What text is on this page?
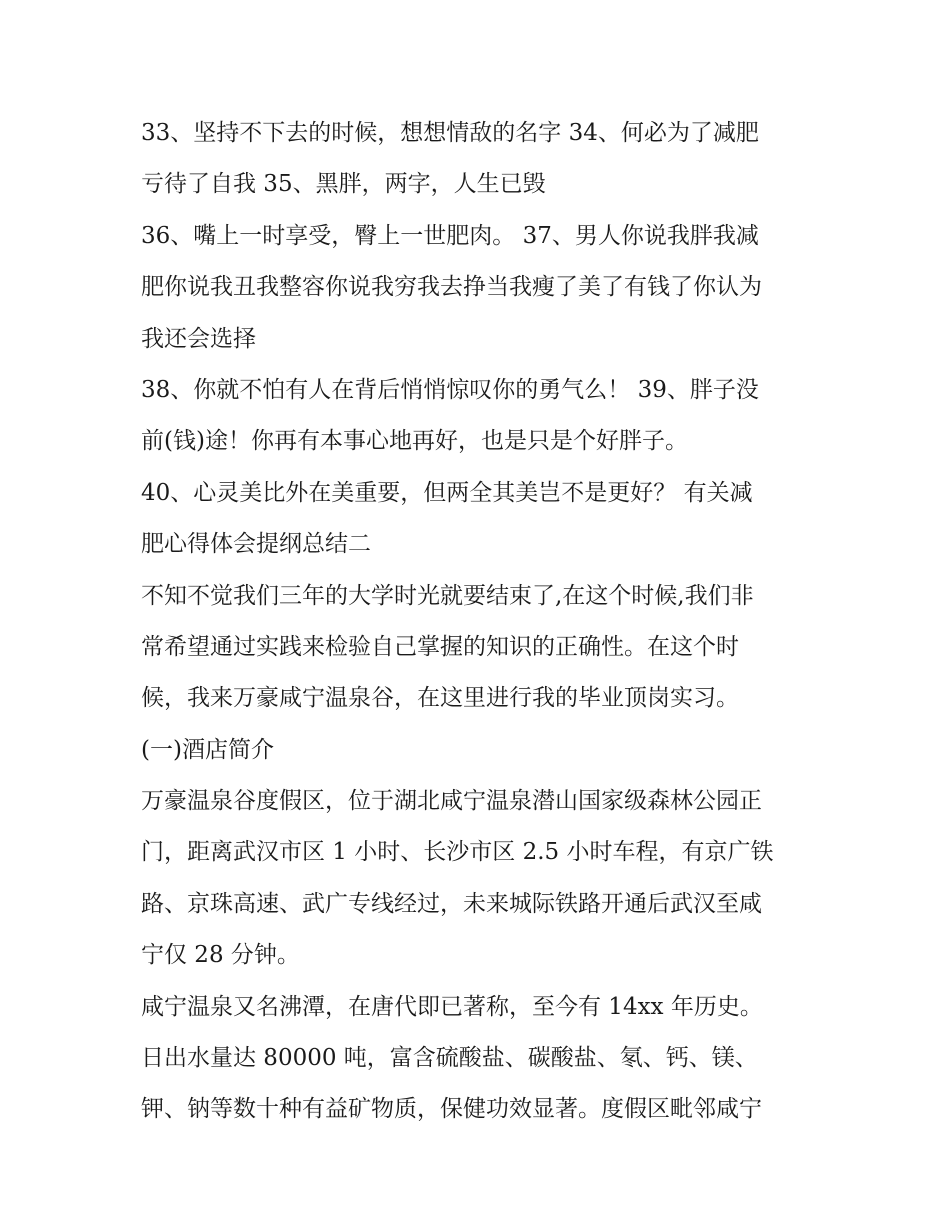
33、坚持不下去的时候，想想情敌的名字 34、何必为了减肥
亏待了自我 35、黑胖，两字，人生已毁
36、嘴上一时享受，臀上一世肥肉。 37、男人你说我胖我减
肥你说我丑我整容你说我穷我去挣当我瘦了美了有钱了你认为
我还会选择
38、你就不怕有人在背后悄悄惊叹你的勇气么！ 39、胖子没
前(钱)途！你再有本事心地再好，也是只是个好胖子。
40、心灵美比外在美重要，但两全其美岂不是更好？ 有关减
肥心得体会提纲总结二
不知不觉我们三年的大学时光就要结束了,在这个时候,我们非
常希望通过实践来检验自己掌握的知识的正确性。在这个时
候，我来万豪咸宁温泉谷，在这里进行我的毕业顶岗实习。
(一)酒店简介
万豪温泉谷度假区，位于湖北咸宁温泉潜山国家级森林公园正
门，距离武汉市区 1 小时、长沙市区 2.5 小时车程，有京广铁
路、京珠高速、武广专线经过，未来城际铁路开通后武汉至咸
宁仅 28 分钟。
咸宁温泉又名沸潭，在唐代即已著称，至今有 14xx 年历史。
日出水量达 80000 吨，富含硫酸盐、碳酸盐、氡、钙、镁、
钾、钠等数十种有益矿物质，保健功效显著。度假区毗邻咸宁
